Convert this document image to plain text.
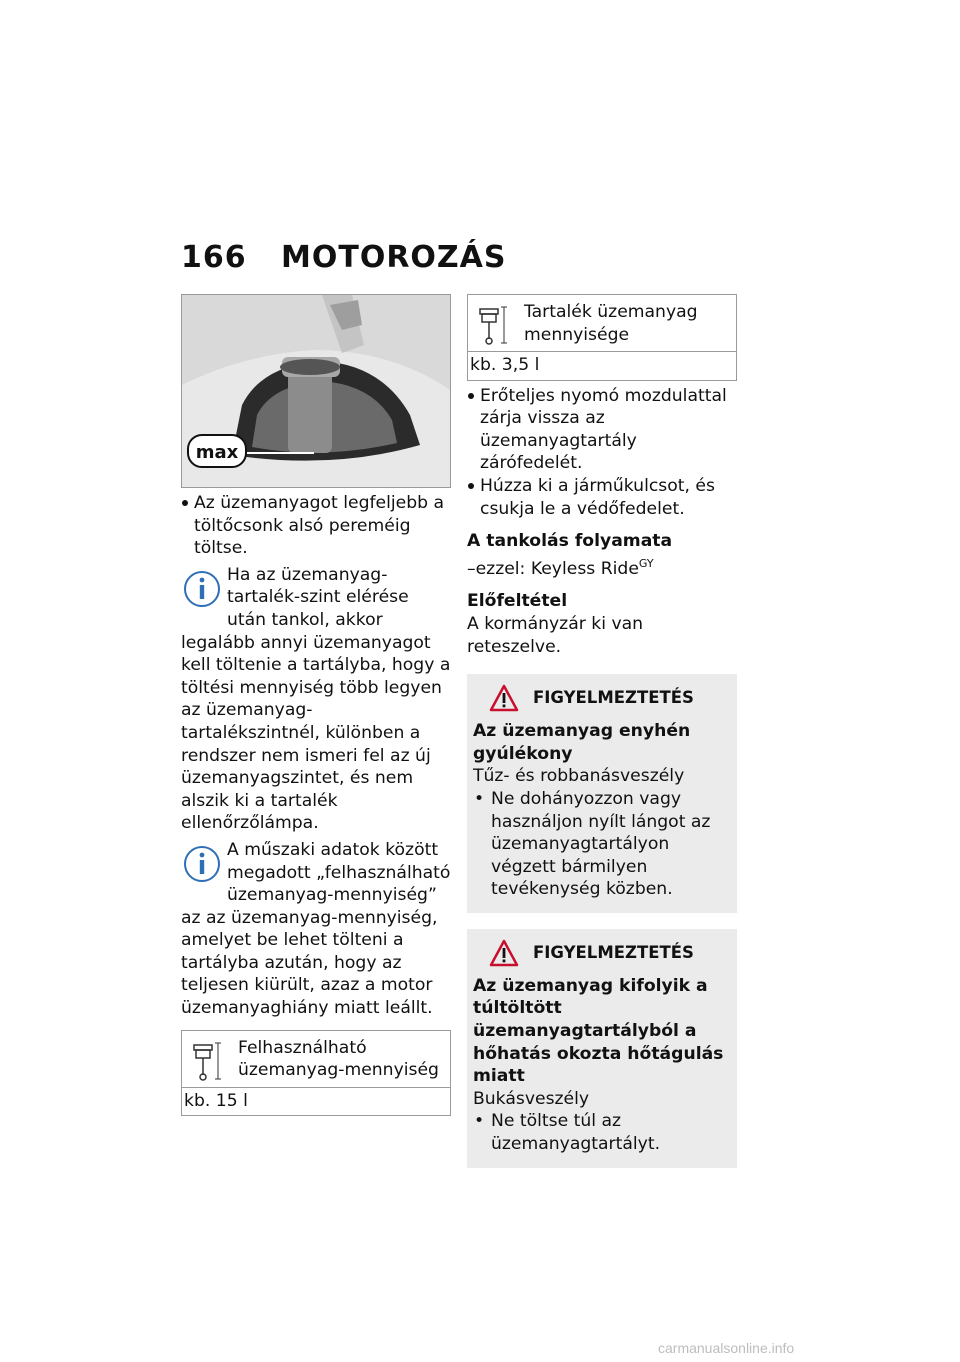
166 MOTOROZÁS
max
Az üzemanyagot legfeljebb a töltőcsonk alsó pereméig töltse.

Ha az üzemanyag-tartalék-szint elérése után tankol, akkor legalább annyi üzemanyagot kell töltenie a tartályba, hogy a töltési mennyiség több legyen az üzemanyag-tartalékszintnél, különben a rendszer nem ismeri fel az új üzemanyagszintet, és nem alszik ki a tartalék ellenőrzőlámpa.

A műszaki adatok között megadott „felhasználható üzemanyag-mennyiség” az az üzemanyag-mennyiség, amelyet be lehet tölteni a tartályba azután, hogy az teljesen kiürült, azaz a motor üzemanyaghiány miatt leállt.

Felhasználható üzemanyag-mennyiség
kb. 15 l
Tartalék üzemanyag mennyisége
kb. 3,5 l
Erőteljes nyomó mozdulattal zárja vissza az üzemanyagtartály zárófedelét.
Húzza ki a járműkulcsot, és csukja le a védőfedelet.

A tankolás folyamata

–ezzel: Keyless Ride$^{GY}$

Előfeltétel

A kormányzár ki van reteszelve.

FIGYELMEZTETÉS
Az üzemanyag enyhén gyúlékony

Tűz- és robbanásveszély

• Ne dohányozzon vagy használjon nyílt lángot az üzemanyagtartályon végzett bármilyen tevékenység közben.
FIGYELMEZTETÉS
Az üzemanyag kifolyik a túltöltött üzemanyagtartályból a hőhatás okozta hőtágulás miatt

Bukásveszély

• Ne töltse túl az üzemanyagtartályt.
carmanualsonline.info
